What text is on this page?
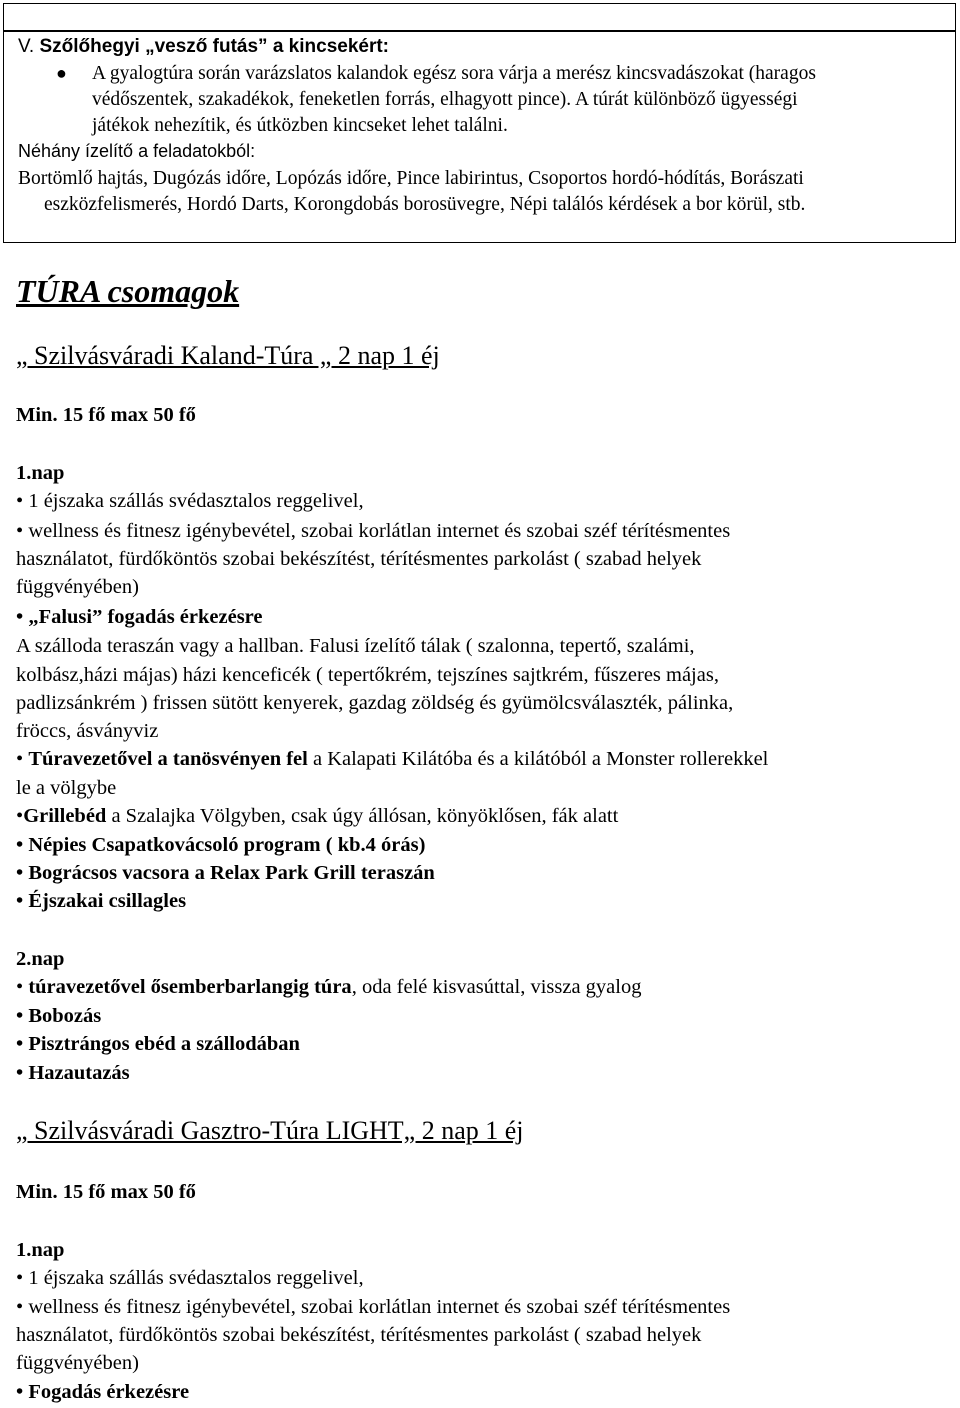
V. Szőlőhegyi „vesző futás” a kincsekért:
● A gyalogtúra során varázslatos kalandok egész sora várja a merész kincsvadászokat (haragos
védőszentek, szakadékok, feneketlen forrás, elhagyott pince). A túrát különböző ügyességi
játékok nehezítik, és útközben kincseket lehet találni.
Néhány ízelítő a feladatokból:
Bortömlő hajtás, Dugózás időre, Lopózás időre, Pince labirintus, Csoportos hordó-hódítás, Borászati
eszközfelismerés, Hordó Darts, Korongdobás borosüvegre, Népi találós kérdések a bor körül, stb.
TÚRA csomagok
„ Szilvásváradi Kaland-Túra „ 2 nap 1 éj
Min. 15 fő max 50 fő
1.nap
• 1 éjszaka szállás svédasztalos reggelivel,
• wellness és fitnesz igénybevétel, szobai korlátlan internet és szobai széf térítésmentes
használatot, fürdőköntös szobai bekészítést, térítésmentes parkolást ( szabad helyek
függvényében)
• „Falusi” fogadás érkezésre
A szálloda teraszán vagy a hallban. Falusi ízelítő tálak ( szalonna, tepertő, szalámi,
kolbász,házi májas) házi kenceficék ( tepertőkrém, tejszínes sajtkrém, fűszeres májas,
padlizsánkrém ) frissen sütött kenyerek, gazdag zöldség és gyümölcsválaszték, pálinka,
fröccs, ásványviz
• Túravezetővel a tanösvényen fel a Kalapati Kilátóba és a kilátóból a Monster rollerekkel
le a völgybe
•Grillebéd a Szalajka Völgyben, csak úgy állósan, könyöklősen, fák alatt
• Népies Csapatkovácsoló program ( kb.4 órás)
• Bográcsos vacsora a Relax Park Grill teraszán
• Éjszakai csillagles
2.nap
• túravezetővel ősemberbarlangig túra, oda felé kisvasúttal, vissza gyalog
• Bobozás
• Pisztrángos ebéd a szállodában
• Hazautazás
„ Szilvásváradi Gasztro-Túra LIGHT„ 2 nap 1 éj
Min. 15 fő max 50 fő
1.nap
• 1 éjszaka szállás svédasztalos reggelivel,
• wellness és fitnesz igénybevétel, szobai korlátlan internet és szobai széf térítésmentes
használatot, fürdőköntös szobai bekészítést, térítésmentes parkolást ( szabad helyek
függvényében)
• Fogadás érkezésre
